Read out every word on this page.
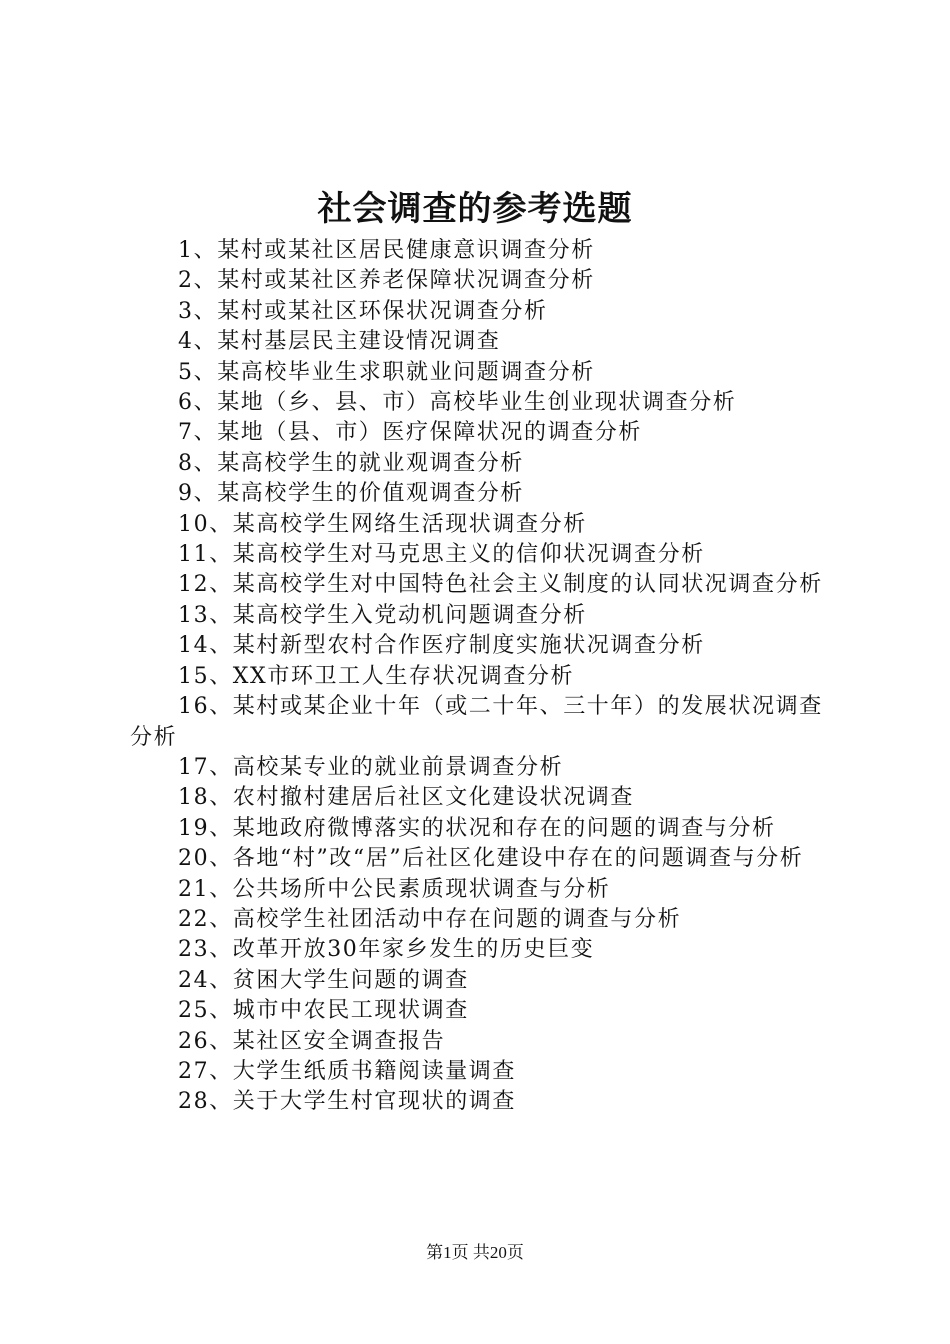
社会调查的参考选题
1、某村或某社区居民健康意识调查分析
2、某村或某社区养老保障状况调查分析
3、某村或某社区环保状况调查分析
4、某村基层民主建设情况调查
5、某高校毕业生求职就业问题调查分析
6、某地（乡、县、市）高校毕业生创业现状调查分析
7、某地（县、市）医疗保障状况的调查分析
8、某高校学生的就业观调查分析
9、某高校学生的价值观调查分析
10、某高校学生网络生活现状调查分析
11、某高校学生对马克思主义的信仰状况调查分析
12、某高校学生对中国特色社会主义制度的认同状况调查分析
13、某高校学生入党动机问题调查分析
14、某村新型农村合作医疗制度实施状况调查分析
15、XX市环卫工人生存状况调查分析
16、某村或某企业十年（或二十年、三十年）的发展状况调查分析
17、高校某专业的就业前景调查分析
18、农村撤村建居后社区文化建设状况调查
19、某地政府微博落实的状况和存在的问题的调查与分析
20、各地“村”改“居”后社区化建设中存在的问题调查与分析
21、公共场所中公民素质现状调查与分析
22、高校学生社团活动中存在问题的调查与分析
23、改革开放30年家乡发生的历史巨变
24、贫困大学生问题的调查
25、城市中农民工现状调查
26、某社区安全调查报告
27、大学生纸质书籍阅读量调查
28、关于大学生村官现状的调查
第1页 共20页
